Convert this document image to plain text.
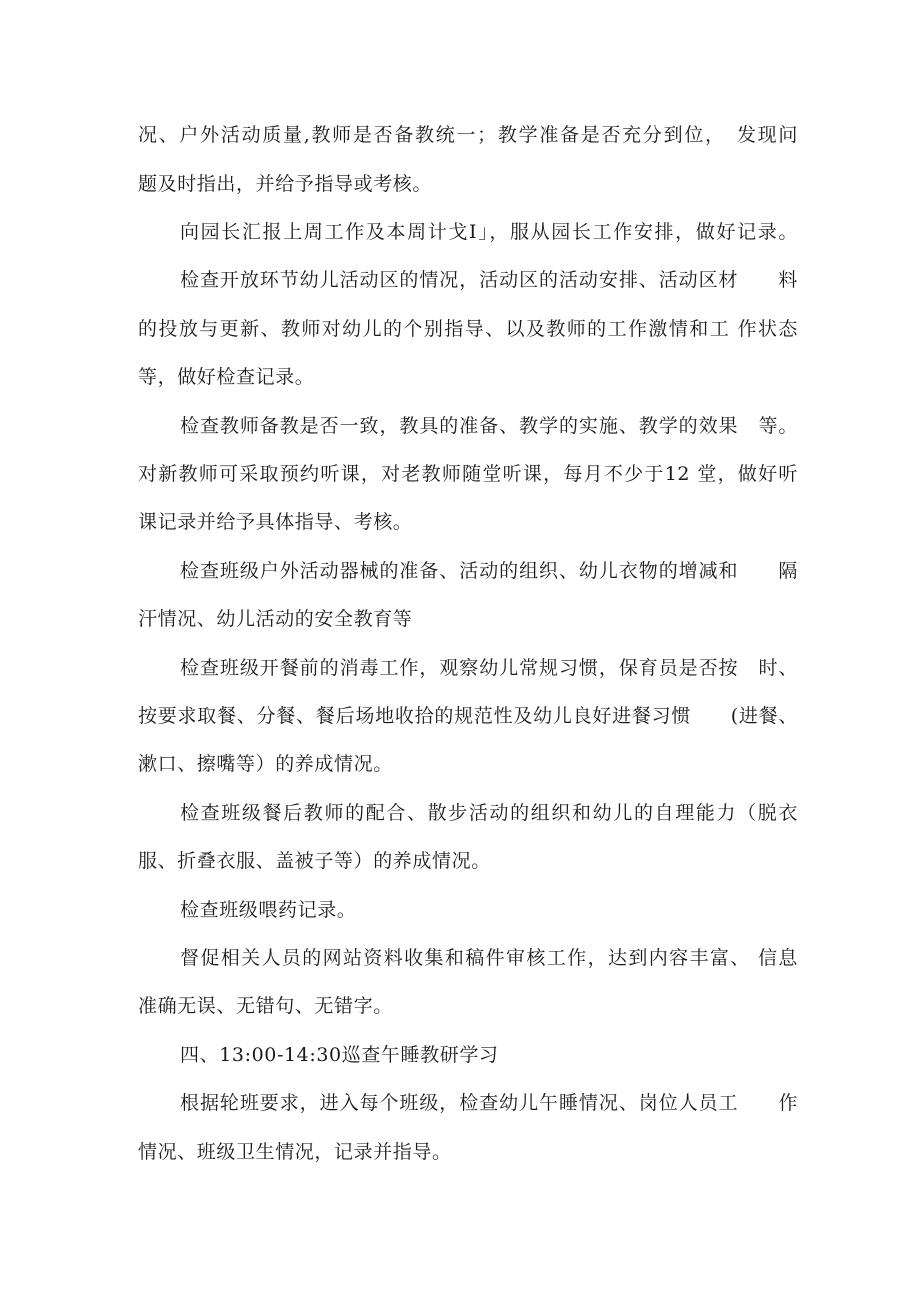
况、户外活动质量,教师是否备教统一；教学准备是否充分到位，　发现问
题及时指出，并给予指导或考核。
向园长汇报上周工作及本周计戈I」，服从园长工作安排，做好记录。
检查开放环节幼儿活动区的情况，活动区的活动安排、活动区材　　料
的投放与更新、教师对幼儿的个别指导、以及教师的工作激情和工 作状态
等，做好检查记录。
检查教师备教是否一致，教具的准备、教学的实施、教学的效果　等。
对新教师可采取预约听课，对老教师随堂听课，每月不少于12 堂，做好听
课记录并给予具体指导、考核。
检查班级户外活动器械的准备、活动的组织、幼儿衣物的增减和　　隔
汗情况、幼儿活动的安全教育等
检查班级开餐前的消毒工作，观察幼儿常规习惯，保育员是否按　时、
按要求取餐、分餐、餐后场地收拾的规范性及幼儿良好进餐习惯　　(进餐、
漱口、擦嘴等）的养成情况。
检查班级餐后教师的配合、散步活动的组织和幼儿的自理能力（脱衣
服、折叠衣服、盖被子等）的养成情况。
检查班级喂药记录。
督促相关人员的网站资料收集和稿件审核工作，达到内容丰富、 信息
准确无误、无错句、无错字。
四、13:00-14:30巡查午睡教研学习
根据轮班要求，进入每个班级，检查幼儿午睡情况、岗位人员工　　作
情况、班级卫生情况，记录并指导。
